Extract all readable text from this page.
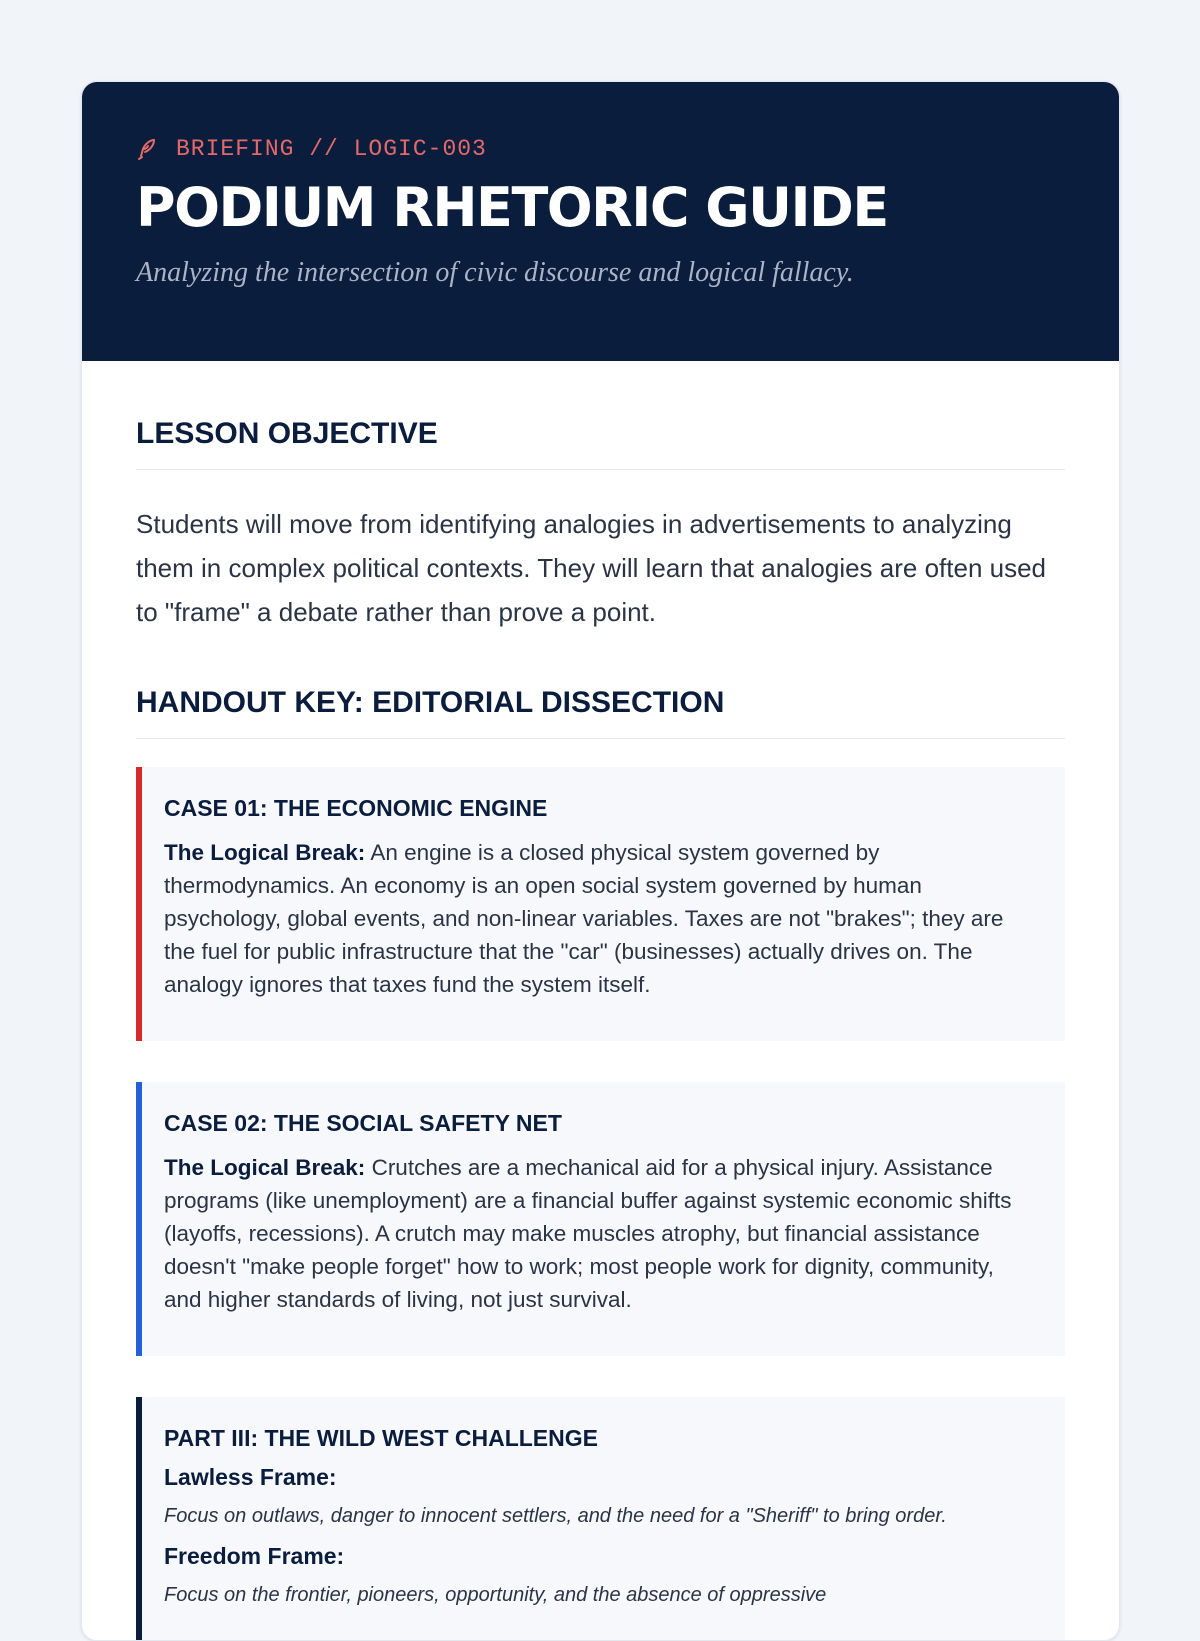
BRIEFING // LOGIC-003
PODIUM RHETORIC GUIDE
Analyzing the intersection of civic discourse and logical fallacy.
LESSON OBJECTIVE

Students will move from identifying analogies in advertisements to analyzing them in complex political contexts. They will learn that analogies are often used to "frame" a debate rather than prove a point.

HANDOUT KEY: EDITORIAL DISSECTION
CASE 01: THE ECONOMIC ENGINE

The Logical Break: An engine is a closed physical system governed by thermodynamics. An economy is an open social system governed by human psychology, global events, and non-linear variables. Taxes are not "brakes"; they are the fuel for public infrastructure that the "car" (businesses) actually drives on. The analogy ignores that taxes fund the system itself.

CASE 02: THE SOCIAL SAFETY NET

The Logical Break: Crutches are a mechanical aid for a physical injury. Assistance programs (like unemployment) are a financial buffer against systemic economic shifts (layoffs, recessions). A crutch may make muscles atrophy, but financial assistance doesn't "make people forget" how to work; most people work for dignity, community, and higher standards of living, not just survival.

PART III: THE WILD WEST CHALLENGE
Lawless Frame:
Focus on outlaws, danger to innocent settlers, and the need for a "Sheriff" to bring order.
Freedom Frame:
Focus on the frontier, pioneers, opportunity, and the absence of oppressive
